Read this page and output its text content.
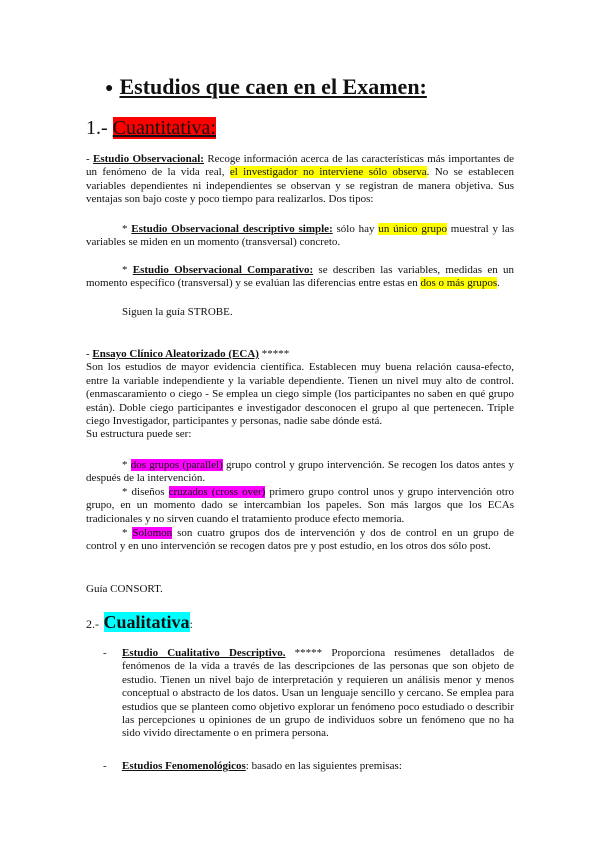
● Estudios que caen en el Examen:
1.- Cuantitativa:
- Estudio Observacional: Recoge información acerca de las características más importantes de un fenómeno de la vida real, el investigador no interviene sólo observa. No se establecen variables dependientes ni independientes se observan y se registran de manera objetiva. Sus ventajas son bajo coste y poco tiempo para realizarlos. Dos tipos:
* Estudio Observacional descriptivo simple: sólo hay un único grupo muestral y las variables se miden en un momento (transversal) concreto.
* Estudio Observacional Comparativo: se describen las variables, medidas en un momento específico (transversal) y se evalúan las diferencias entre estas en dos o más grupos.
Siguen la guía STROBE.
- Ensayo Clínico Aleatorizado (ECA) *****
Son los estudios de mayor evidencia científica. Establecen muy buena relación causa-efecto, entre la variable independiente y la variable dependiente. Tienen un nivel muy alto de control. (enmascaramiento o ciego - Se emplea un ciego simple (los participantes no saben en qué grupo están). Doble ciego participantes e investigador desconocen el grupo al que pertenecen. Triple ciego Investigador, participantes y personas, nadie sabe dónde está.
Su estructura puede ser:
* dos grupos (parallel) grupo control y grupo intervención. Se recogen los datos antes y después de la intervención.
* diseños cruzados (cross over) primero grupo control unos y grupo intervención otro grupo, en un momento dado se intercambian los papeles. Son más largos que los ECAs tradicionales y no sirven cuando el tratamiento produce efecto memoria.
* Solomon son cuatro grupos dos de intervención y dos de control en un grupo de control y en uno intervención se recogen datos pre y post estudio, en los otros dos sólo post.
Guía CONSORT.
2.- Cualitativa:
- Estudio Cualitativo Descriptivo. ***** Proporciona resúmenes detallados de fenómenos de la vida a través de las descripciones de las personas que son objeto de estudio. Tienen un nivel bajo de interpretación y requieren un análisis menor y menos conceptual o abstracto de los datos. Usan un lenguaje sencillo y cercano. Se emplea para estudios que se planteen como objetivo explorar un fenómeno poco estudiado o describir las percepciones u opiniones de un grupo de individuos sobre un fenómeno que no ha sido vivido directamente o en primera persona.
- Estudios Fenomenológicos: basado en las siguientes premisas:
